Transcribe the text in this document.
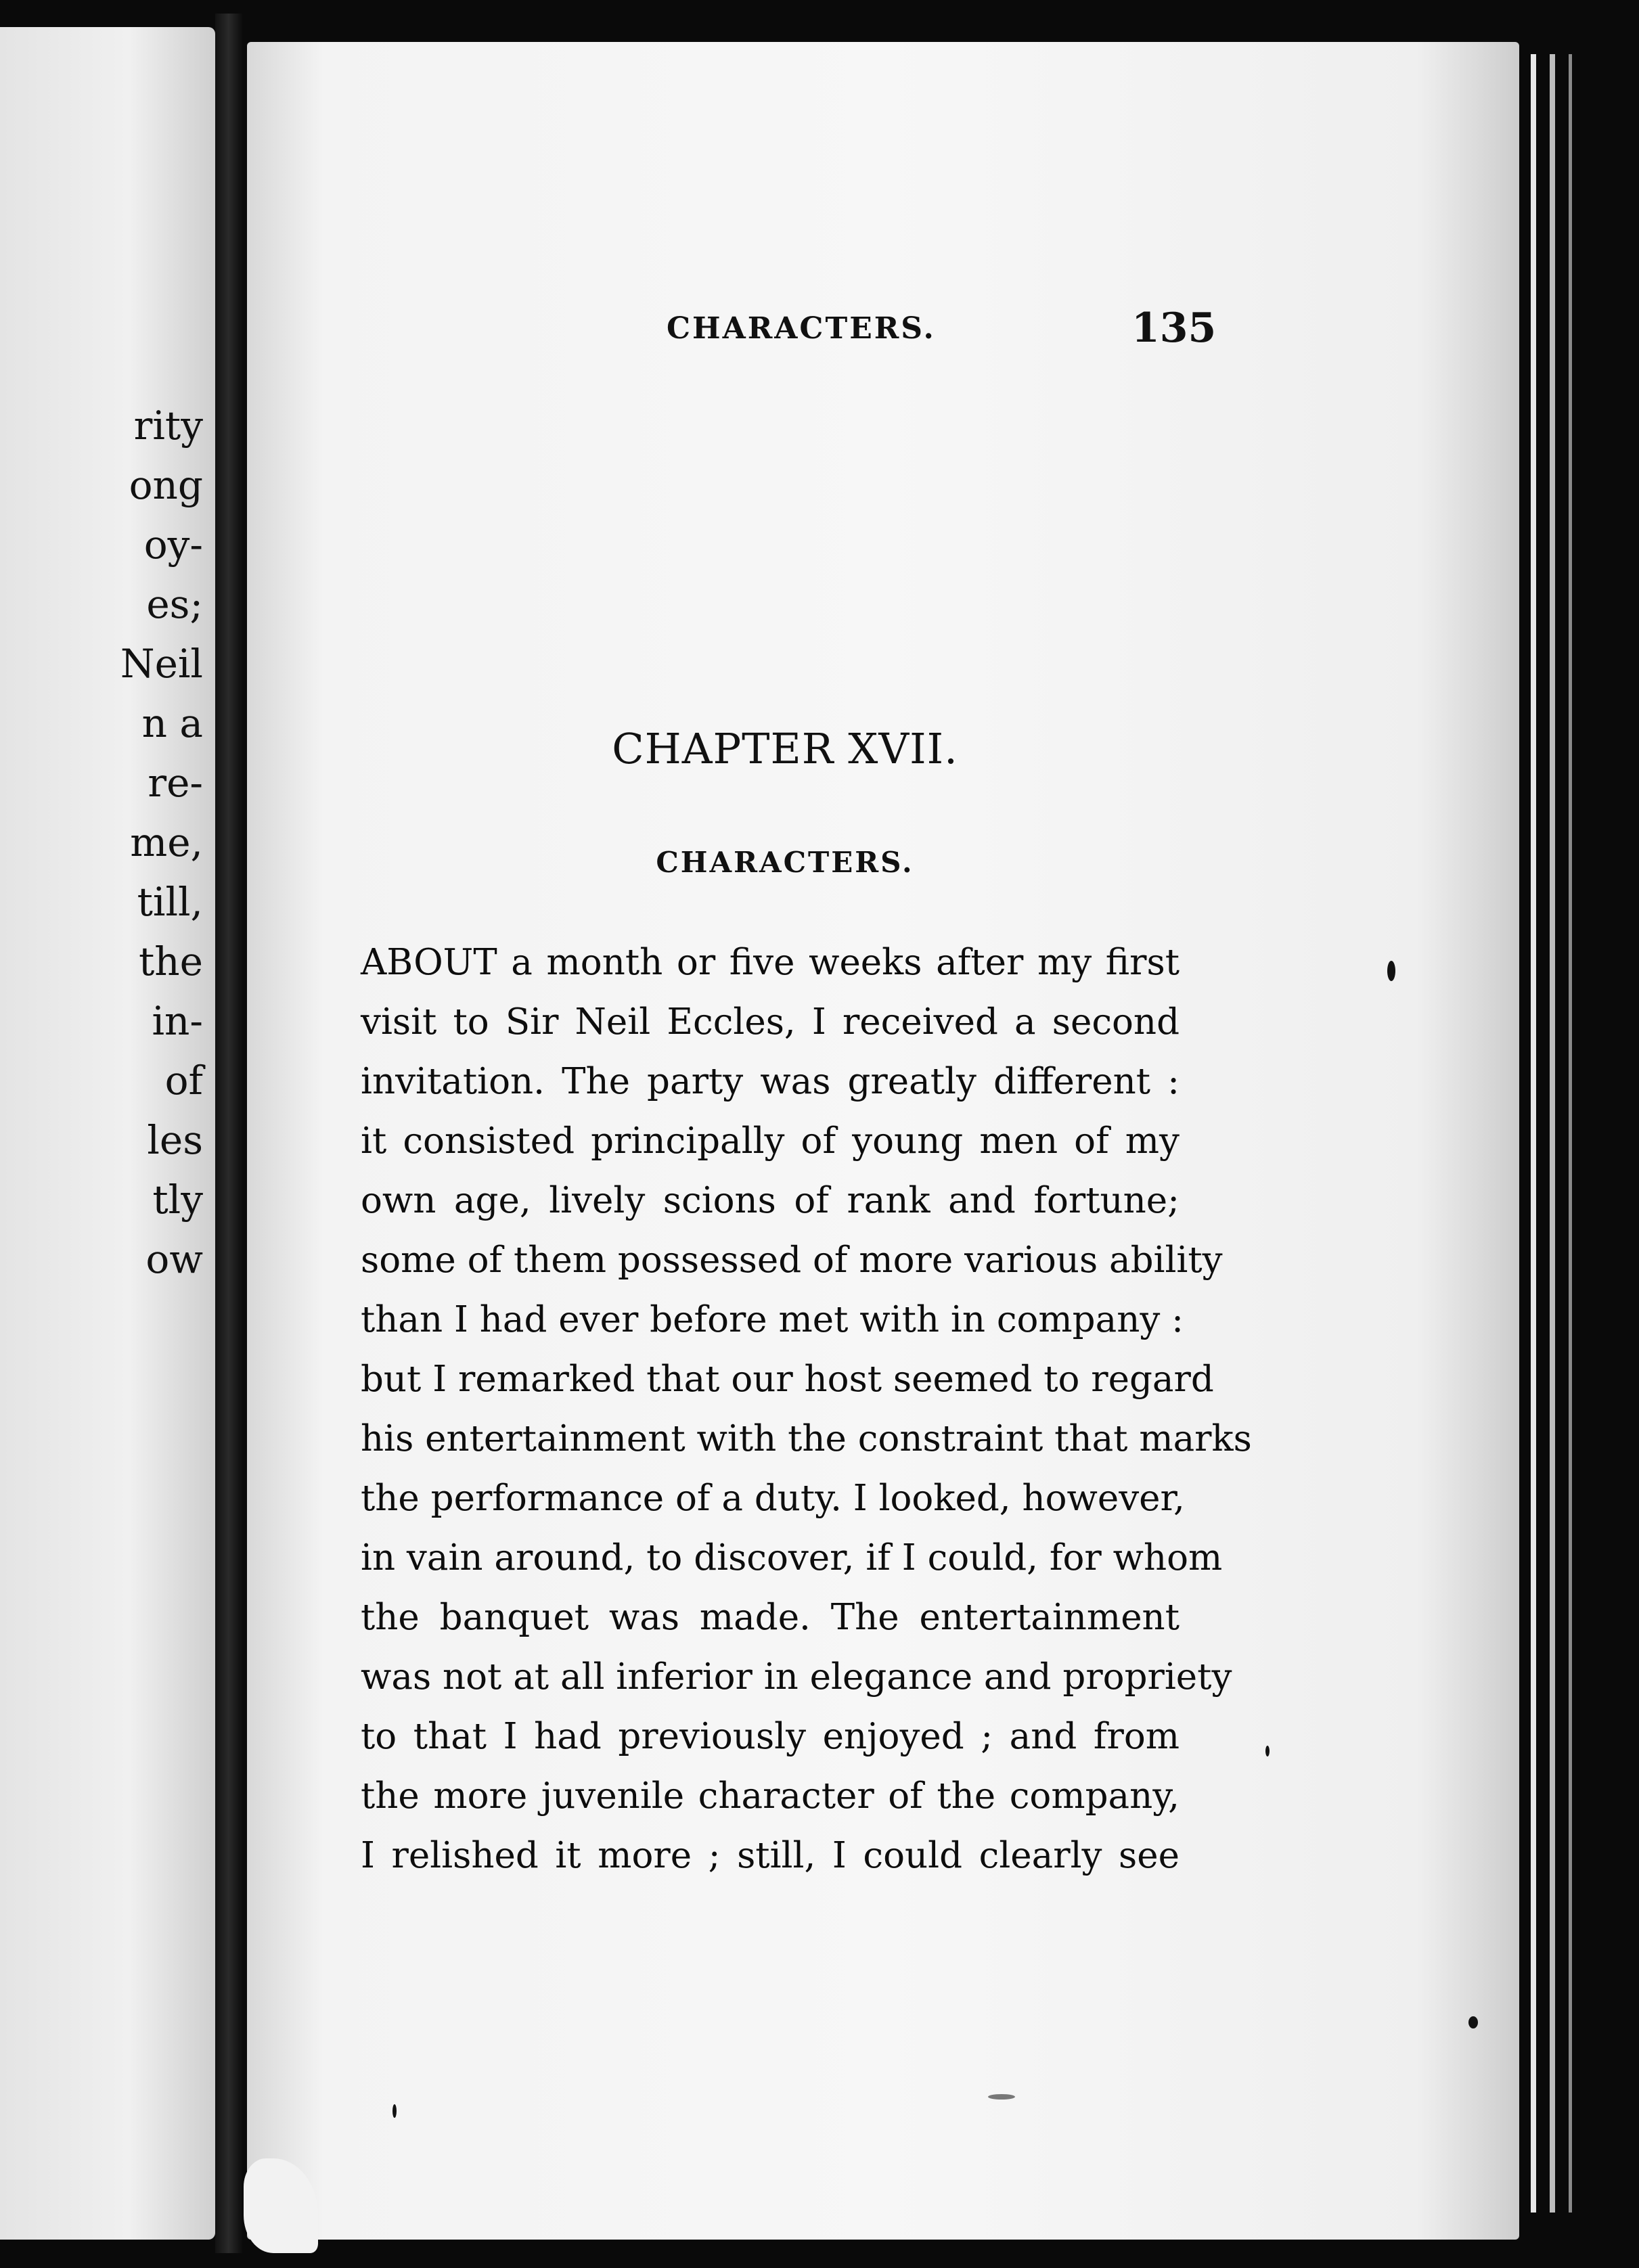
rity
ong
oy-
es;
Neil
n a
re-
me,
till,
the
in-
of
les
tly
ow
CHARACTERS.	135
CHAPTER XVII.
CHARACTERS.
ABOUT a month or five weeks after my first
visit to Sir Neil Eccles, I received a second
invitation. The party was greatly different :
it consisted principally of young men of my
own age, lively scions of rank and fortune;
some of them possessed of more various ability
than I had ever before met with in company :
but I remarked that our host seemed to regard
his entertainment with the constraint that marks
the performance of a duty. I looked, however,
in vain around, to discover, if I could, for whom
the banquet was made. The entertainment
was not at all inferior in elegance and propriety
to that I had previously enjoyed ; and from
the more juvenile character of the company,
I relished it more ; still, I could clearly see
